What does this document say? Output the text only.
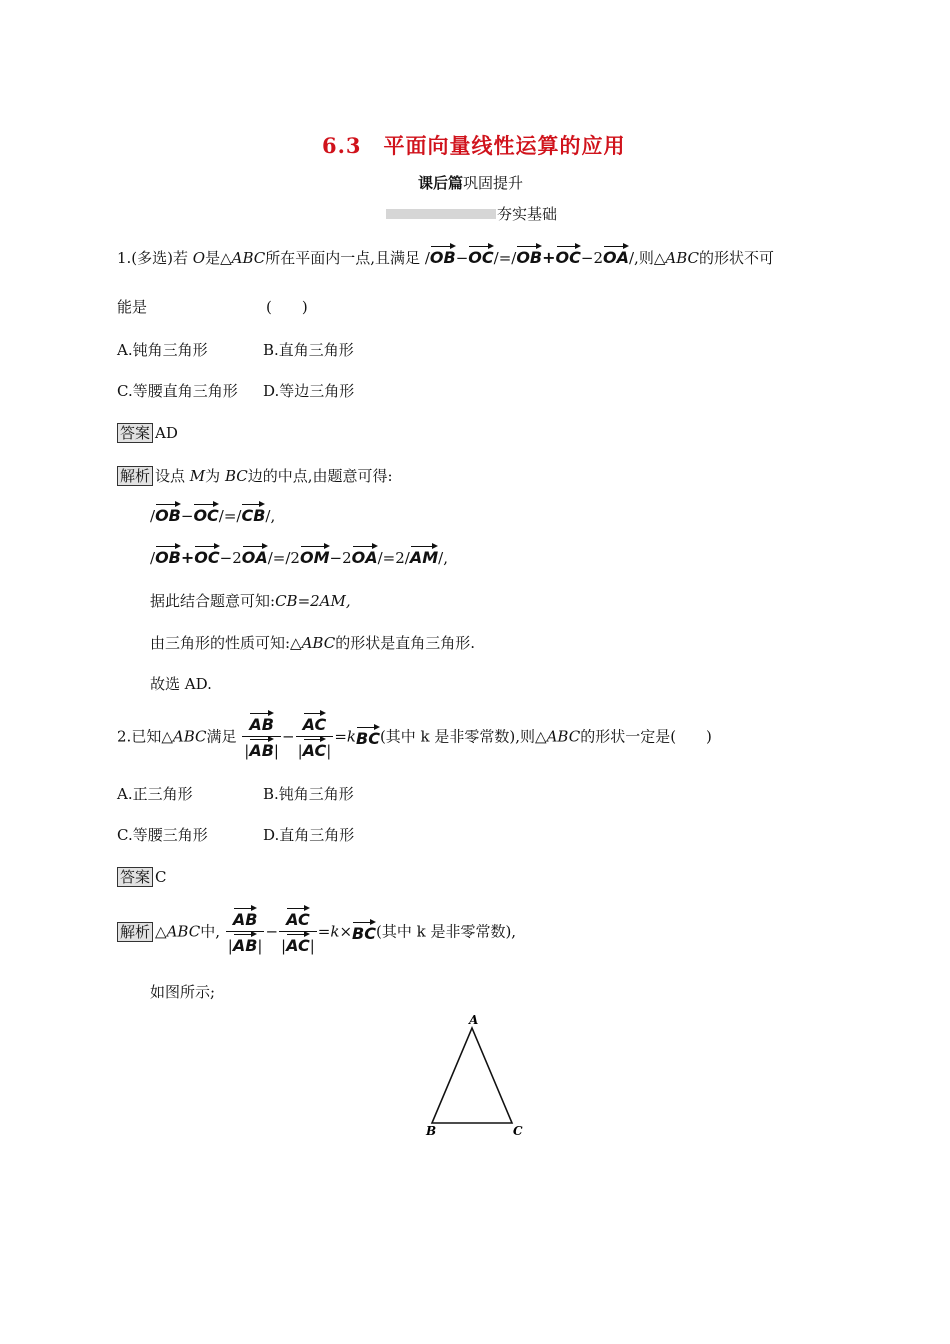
6.3　平面向量线性运算的应用
课后篇巩固提升
夯实基础
1.(多选)若 O是△ABC所在平面内一点,且满足 /OB−OC/=/OB+OC−2OA/,则△ABC的形状不可
能是	(　　)
A.钝角三角形	B.直角三角形
C.等腰直角三角形 D.等边三角形
答案 AD
解析 设点 M为 BC边的中点,由题意可得:
/OB−OC/=/CB/,
/OB+OC−2OA/=/2OM−2OA/=2/AM/,
据此结合题意可知:CB=2AM,
由三角形的性质可知:△ABC的形状是直角三角形.
故选 AD.
2.已知△ABC满足 $\frac{AB}{|AB|} - \frac{AC}{|AC|} =kBC$(其中 k 是非零常数),则△ABC的形状一定是(　　)
A.正三角形	B.钝角三角形
C.等腰三角形	D.直角三角形
答案 C
解析 △ABC中, $\frac{AB}{|AB|} - \frac{AC}{|AC|} =k\times BC$(其中 k 是非零常数),
如图所示;
A
B	C
